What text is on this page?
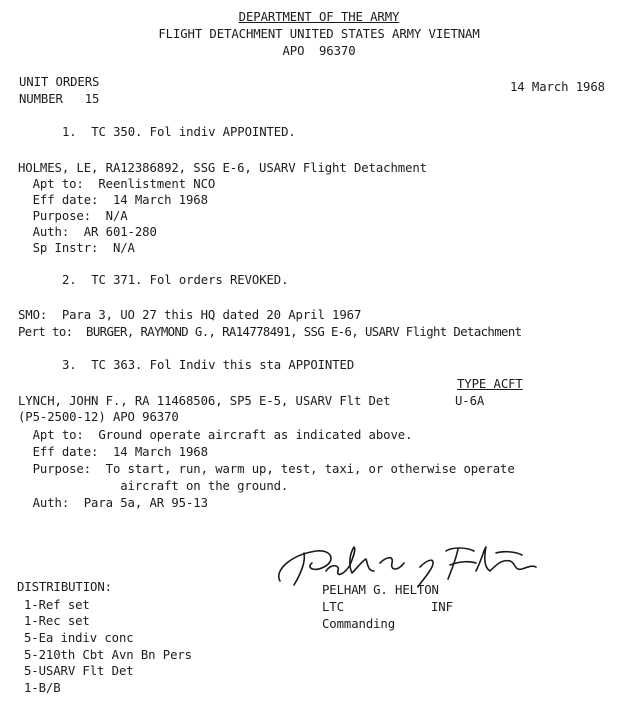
DEPARTMENT OF THE ARMY
FLIGHT DETACHMENT UNITED STATES ARMY VIETNAM
APO  96370
UNIT ORDERS
NUMBER   15
14 March 1968
1.  TC 350. Fol indiv APPOINTED.
HOLMES, LE, RA12386892, SSG E-6, USARV Flight Detachment
Apt to:  Reenlistment NCO
Eff date:  14 March 1968
Purpose:  N/A
Auth:  AR 601-280
Sp Instr:  N/A
2.  TC 371. Fol orders REVOKED.
SMO:  Para 3, UO 27 this HQ dated 20 April 1967
Pert to:  BURGER, RAYMOND G., RA14778491, SSG E-6, USARV Flight Detachment
3.  TC 363. Fol Indiv this sta APPOINTED
TYPE ACFT
LYNCH, JOHN F., RA 11468506, SP5 E-5, USARV Flt Det	U-6A
(P5-2500-12) APO 96370
Apt to:  Ground operate aircraft as indicated above.
Eff date:  14 March 1968
Purpose:  To start, run, warm up, test, taxi, or otherwise operate
aircraft on the ground.
Auth:  Para 5a, AR 95-13
PELHAM G. HELTON
LTC	INF
Commanding
DISTRIBUTION:
1-Ref set
1-Rec set
5-Ea indiv conc
5-210th Cbt Avn Bn Pers
5-USARV Flt Det
1-B/B
